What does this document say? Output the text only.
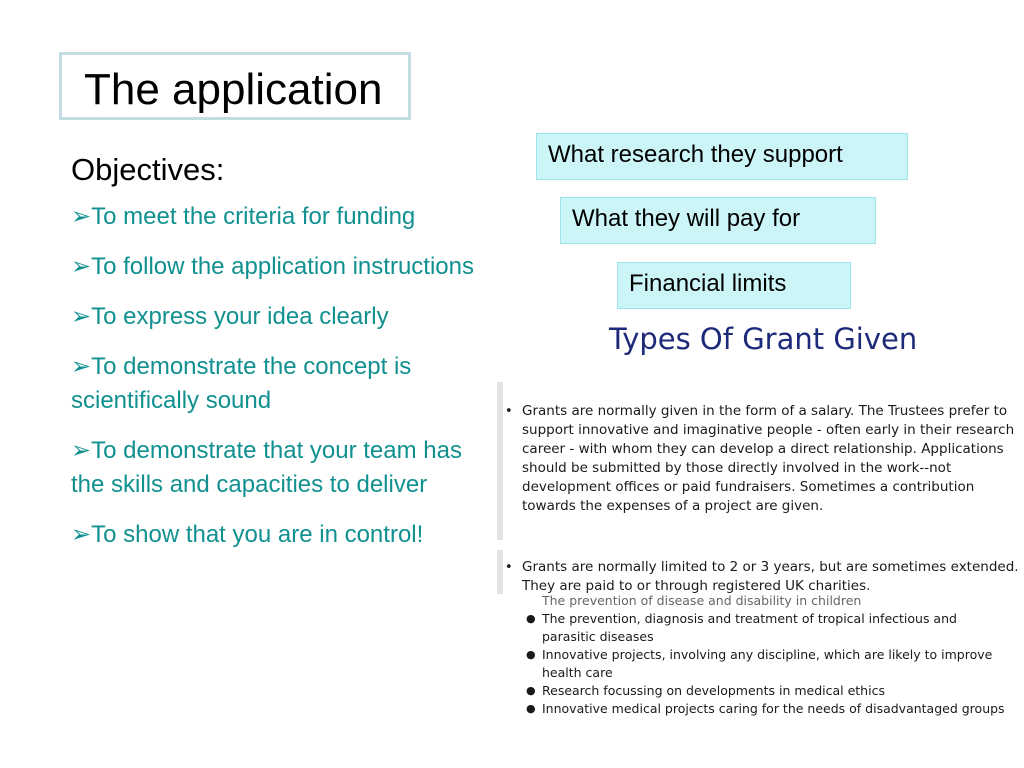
The application
Objectives:
➢To meet the criteria for funding
➢To follow the application instructions
➢To express your idea clearly
➢To demonstrate the concept is scientifically sound
➢To demonstrate that your team has the skills and capacities to deliver
➢To show that you are in control!
What research they support
What they will pay for
Financial limits
Types Of Grant Given
• Grants are normally given in the form of a salary. The Trustees prefer to support innovative and imaginative people - often early in their research career - with whom they can develop a direct relationship. Applications should be submitted by those directly involved in the work--not development offices or paid fundraisers. Sometimes a contribution towards the expenses of a project are given.
• Grants are normally limited to 2 or 3 years, but are sometimes extended. They are paid to or through registered UK charities.
The prevention of disease and disability in children
● The prevention, diagnosis and treatment of tropical infectious and parasitic diseases
● Innovative projects, involving any discipline, which are likely to improve health care
● Research focussing on developments in medical ethics
● Innovative medical projects caring for the needs of disadvantaged groups
